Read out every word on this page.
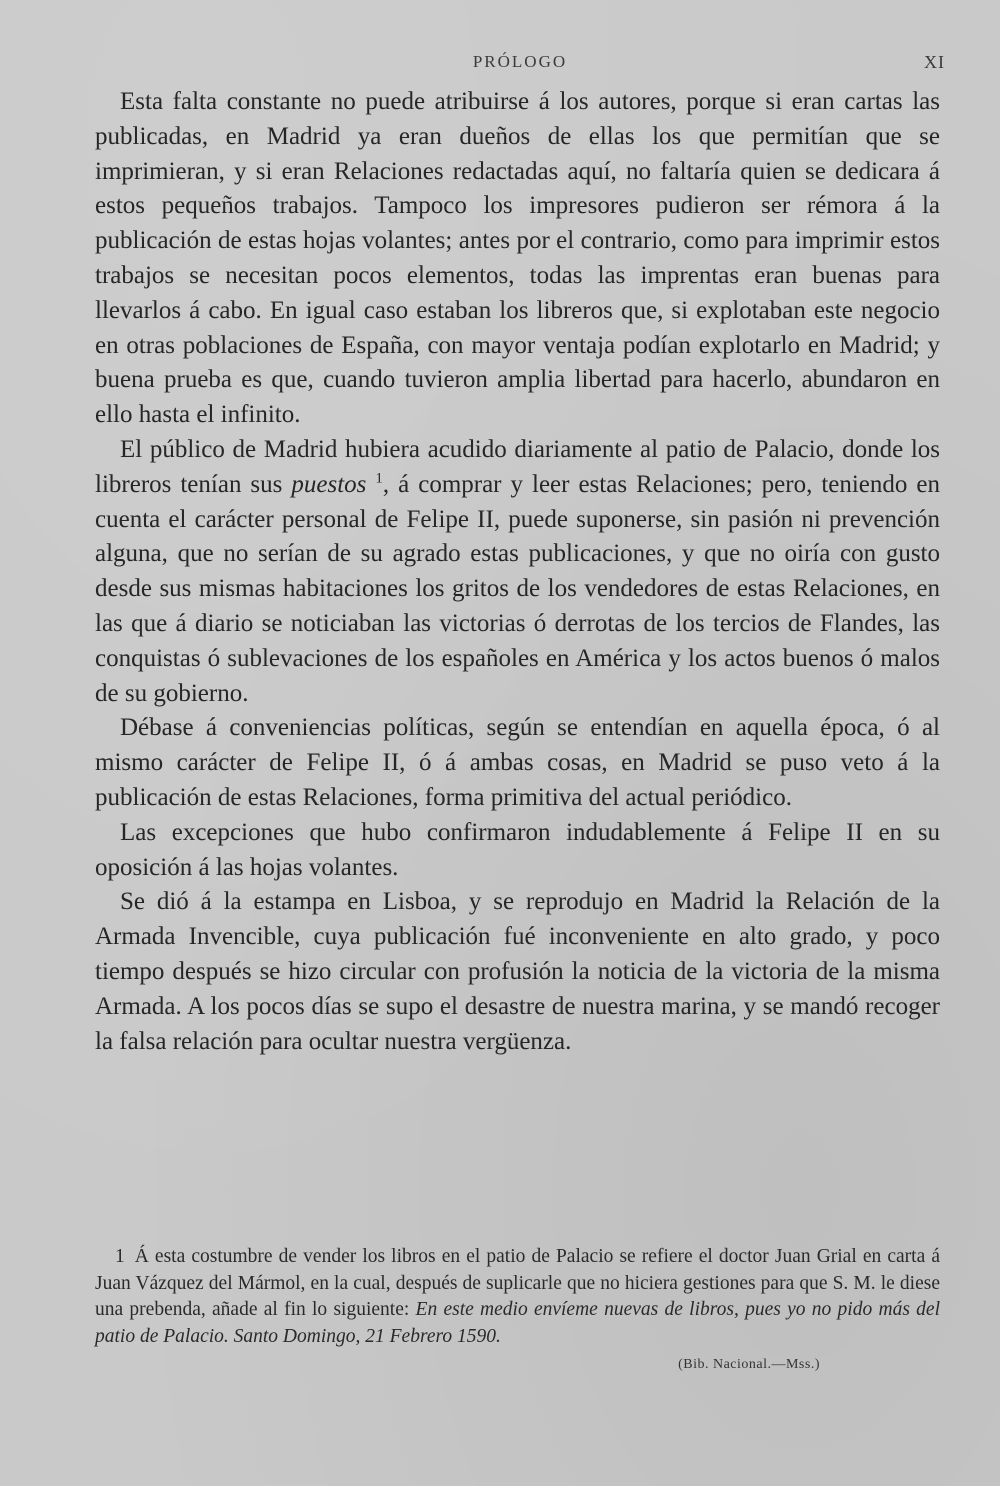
PRÓLOGO	XI

Esta falta constante no puede atribuirse á los autores, porque si eran cartas las publicadas, en Madrid ya eran dueños de ellas los que permitían que se imprimieran, y si eran Relaciones redactadas aquí, no faltaría quien se dedicara á estos pequeños trabajos. Tampoco los impresores pudieron ser rémora á la publicación de estas hojas volantes; antes por el contrario, como para imprimir estos trabajos se necesitan pocos elementos, todas las imprentas eran buenas para llevarlos á cabo. En igual caso estaban los libreros que, si explotaban este negocio en otras poblaciones de España, con mayor ventaja podían explotarlo en Madrid; y buena prueba es que, cuando tuvieron amplia libertad para hacerlo, abundaron en ello hasta el infinito.

El público de Madrid hubiera acudido diariamente al patio de Palacio, donde los libreros tenían sus puestos $^1$, á comprar y leer estas Relaciones; pero, teniendo en cuenta el carácter personal de Felipe II, puede suponerse, sin pasión ni prevención alguna, que no serían de su agrado estas publicaciones, y que no oiría con gusto desde sus mismas habitaciones los gritos de los vendedores de estas Relaciones, en las que á diario se noticiaban las victorias ó derrotas de los tercios de Flandes, las conquistas ó sublevaciones de los españoles en América y los actos buenos ó malos de su gobierno.

Débase á conveniencias políticas, según se entendían en aquella época, ó al mismo carácter de Felipe II, ó á ambas cosas, en Madrid se puso veto á la publicación de estas Relaciones, forma primitiva del actual periódico.

Las excepciones que hubo confirmaron indudablemente á Felipe II en su oposición á las hojas volantes.

Se dió á la estampa en Lisboa, y se reprodujo en Madrid la Relación de la Armada Invencible, cuya publicación fué inconveniente en alto grado, y poco tiempo después se hizo circular con profusión la noticia de la victoria de la misma Armada. A los pocos días se supo el desastre de nuestra marina, y se mandó recoger la falsa relación para ocultar nuestra vergüenza.

1 Á esta costumbre de vender los libros en el patio de Palacio se refiere el doctor Juan Grial en carta á Juan Vázquez del Mármol, en la cual, después de suplicarle que no hiciera gestiones para que S. M. le diese una prebenda, añade al fin lo siguiente: En este medio envíeme nuevas de libros, pues yo no pido más del patio de Palacio. Santo Domingo, 21 Febrero 1590.

(Bib. Nacional.—Mss.)
